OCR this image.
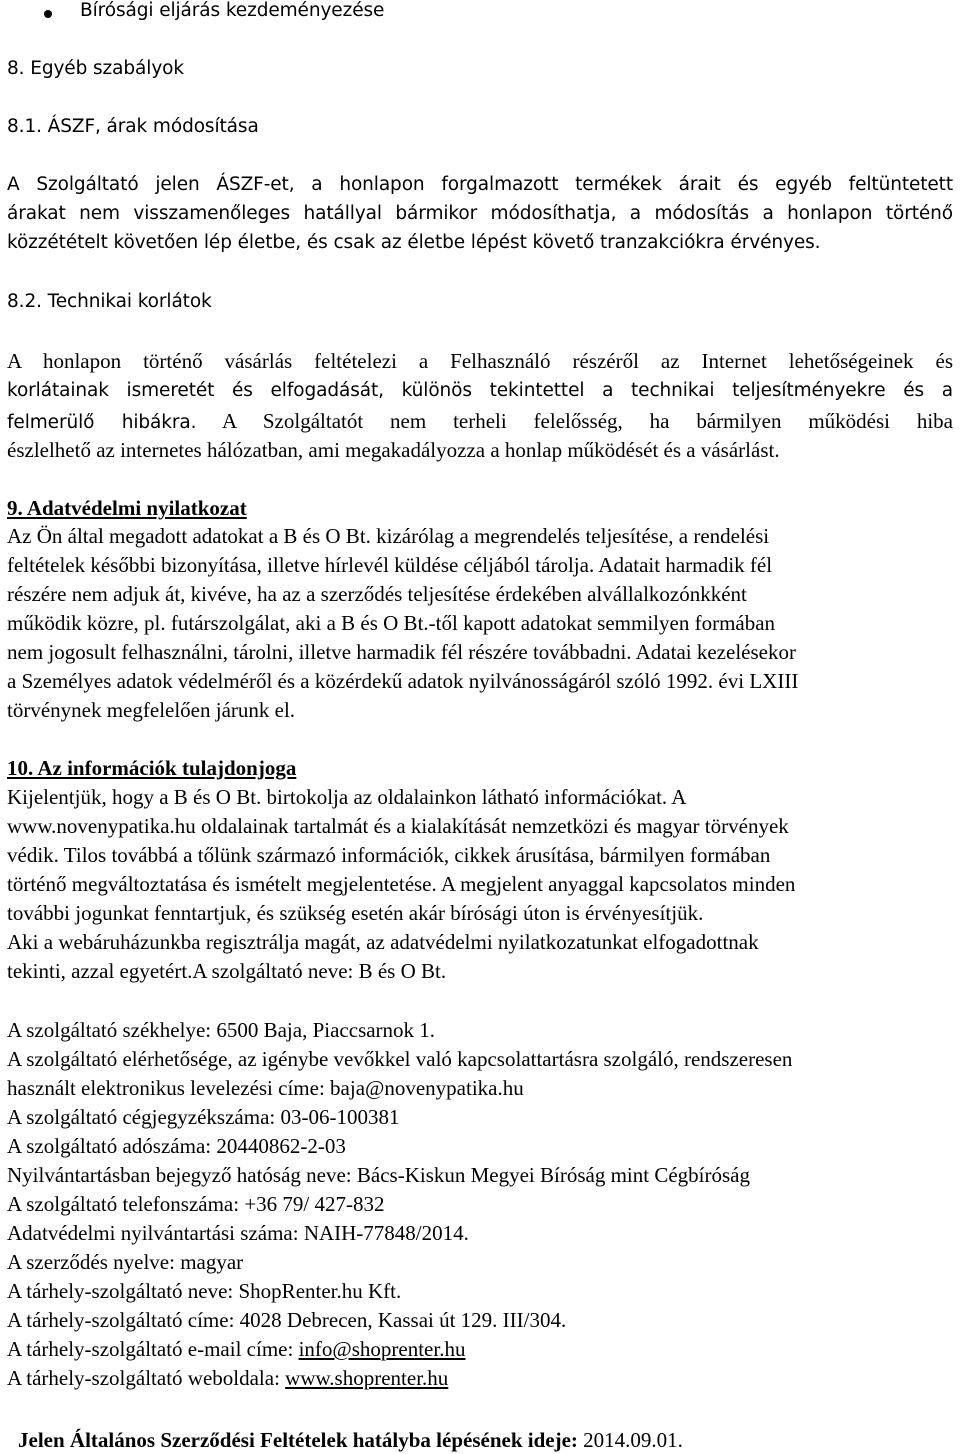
Bírósági eljárás kezdeményezése
8. Egyéb szabályok
8.1. ÁSZF, árak módosítása
A Szolgáltató jelen ÁSZF-et, a honlapon forgalmazott termékek árait és egyéb feltüntetett
árakat nem visszamenőleges hatállyal bármikor módosíthatja, a módosítás a honlapon történő
közzétételt követően lép életbe, és csak az életbe lépést követő tranzakciókra érvényes.
8.2. Technikai korlátok
A honlapon történő vásárlás feltételezi a Felhasználó részéről az Internet lehetőségeinek és
korlátainak ismeretét és elfogadását, különös tekintettel a technikai teljesítményekre és a
felmerülő hibákra. A Szolgáltatót nem terheli felelősség, ha bármilyen működési hiba
észlelhető az internetes hálózatban, ami megakadályozza a honlap működését és a vásárlást.
9. Adatvédelmi nyilatkozat
Az Ön által megadott adatokat a B és O Bt. kizárólag a megrendelés teljesítése, a rendelési
feltételek későbbi bizonyítása, illetve hírlevél küldése céljából tárolja. Adatait harmadik fél
részére nem adjuk át, kivéve, ha az a szerződés teljesítése érdekében alvállalkozónkként
működik közre, pl. futárszolgálat, aki a B és O Bt.-től kapott adatokat semmilyen formában
nem jogosult felhasználni, tárolni, illetve harmadik fél részére továbbadni. Adatai kezelésekor
a Személyes adatok védelméről és a közérdekű adatok nyilvánosságáról szóló 1992. évi LXIII
törvénynek megfelelően járunk el.
10. Az információk tulajdonjoga
Kijelentjük, hogy a B és O Bt. birtokolja az oldalainkon látható információkat. A
www.novenypatika.hu oldalainak tartalmát és a kialakítását nemzetközi és magyar törvények
védik. Tilos továbbá a tőlünk származó információk, cikkek árusítása, bármilyen formában
történő megváltoztatása és ismételt megjelentetése. A megjelent anyaggal kapcsolatos minden
további jogunkat fenntartjuk, és szükség esetén akár bírósági úton is érvényesítjük.
Aki a webáruházunkba regisztrálja magát, az adatvédelmi nyilatkozatunkat elfogadottnak
tekinti, azzal egyetért.A szolgáltató neve: B és O Bt.
A szolgáltató székhelye: 6500 Baja, Piaccsarnok 1.
A szolgáltató elérhetősége, az igénybe vevőkkel való kapcsolattartásra szolgáló, rendszeresen
használt elektronikus levelezési címe: baja@novenypatika.hu
A szolgáltató cégjegyzékszáma: 03-06-100381
A szolgáltató adószáma: 20440862-2-03
Nyilvántartásban bejegyző hatóság neve: Bács-Kiskun Megyei Bíróság mint Cégbíróság
A szolgáltató telefonszáma: +36 79/ 427-832
Adatvédelmi nyilvántartási száma: NAIH-77848/2014.
A szerződés nyelve: magyar
A tárhely-szolgáltató neve: ShopRenter.hu Kft.
A tárhely-szolgáltató címe: 4028 Debrecen, Kassai út 129. III/304.
A tárhely-szolgáltató e-mail címe: info@shoprenter.hu
A tárhely-szolgáltató weboldala: www.shoprenter.hu
Jelen Általános Szerződési Feltételek hatályba lépésének ideje: 2014.09.01.
